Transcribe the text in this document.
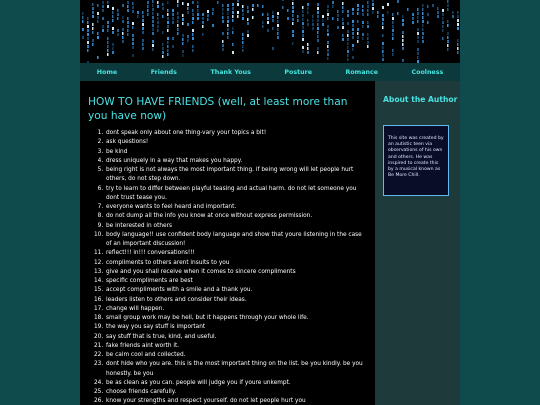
Home	Friends	Thank Yous	Posture	Romance	Coolness
HOW TO HAVE FRIENDS (well, at least more than you have now)
1. dont speak only about one thing-vary your topics a bit!
2. ask questions!
3. be kind
4. dress uniquely in a way that makes you happy.
5. being right is not always the most important thing. if being wrong will let people hurt others, do not step down.
6. try to learn to differ between playful teasing and actual harm. do not let someone you dont trust tease you.
7. everyone wants to feel heard and important.
8. do not dump all the info you know at once without express permission.
9. be interested in others
10. body language!! use confident body language and show that youre listening in the case of an important discussion!
11. reflect!!! in!!! conversations!!!
12. compliments to others arent insults to you
13. give and you shall receive when it comes to sincere compliments
14. specific compliments are best
15. accept compliments with a smile and a thank you.
16. leaders listen to others and consider their ideas.
17. change will happen.
18. small group work may be hell, but it happens through your whole life.
19. the way you say stuff is important
20. say stuff that is true, kind, and useful.
21. fake friends aint worth it.
22. be calm cool and collected.
23. dont hide who you are. this is the most important thing on the list. be you kindly. be you honestly. be you
24. be as clean as you can. people will judge you if youre unkempt.
25. choose friends carefully.
26. know your strengths and respect yourself. do not let people hurt you
About the Author
This site was created by an autistic teen via observations of his own and others. He was inspired to create this by a musical known as Be More Chill.
